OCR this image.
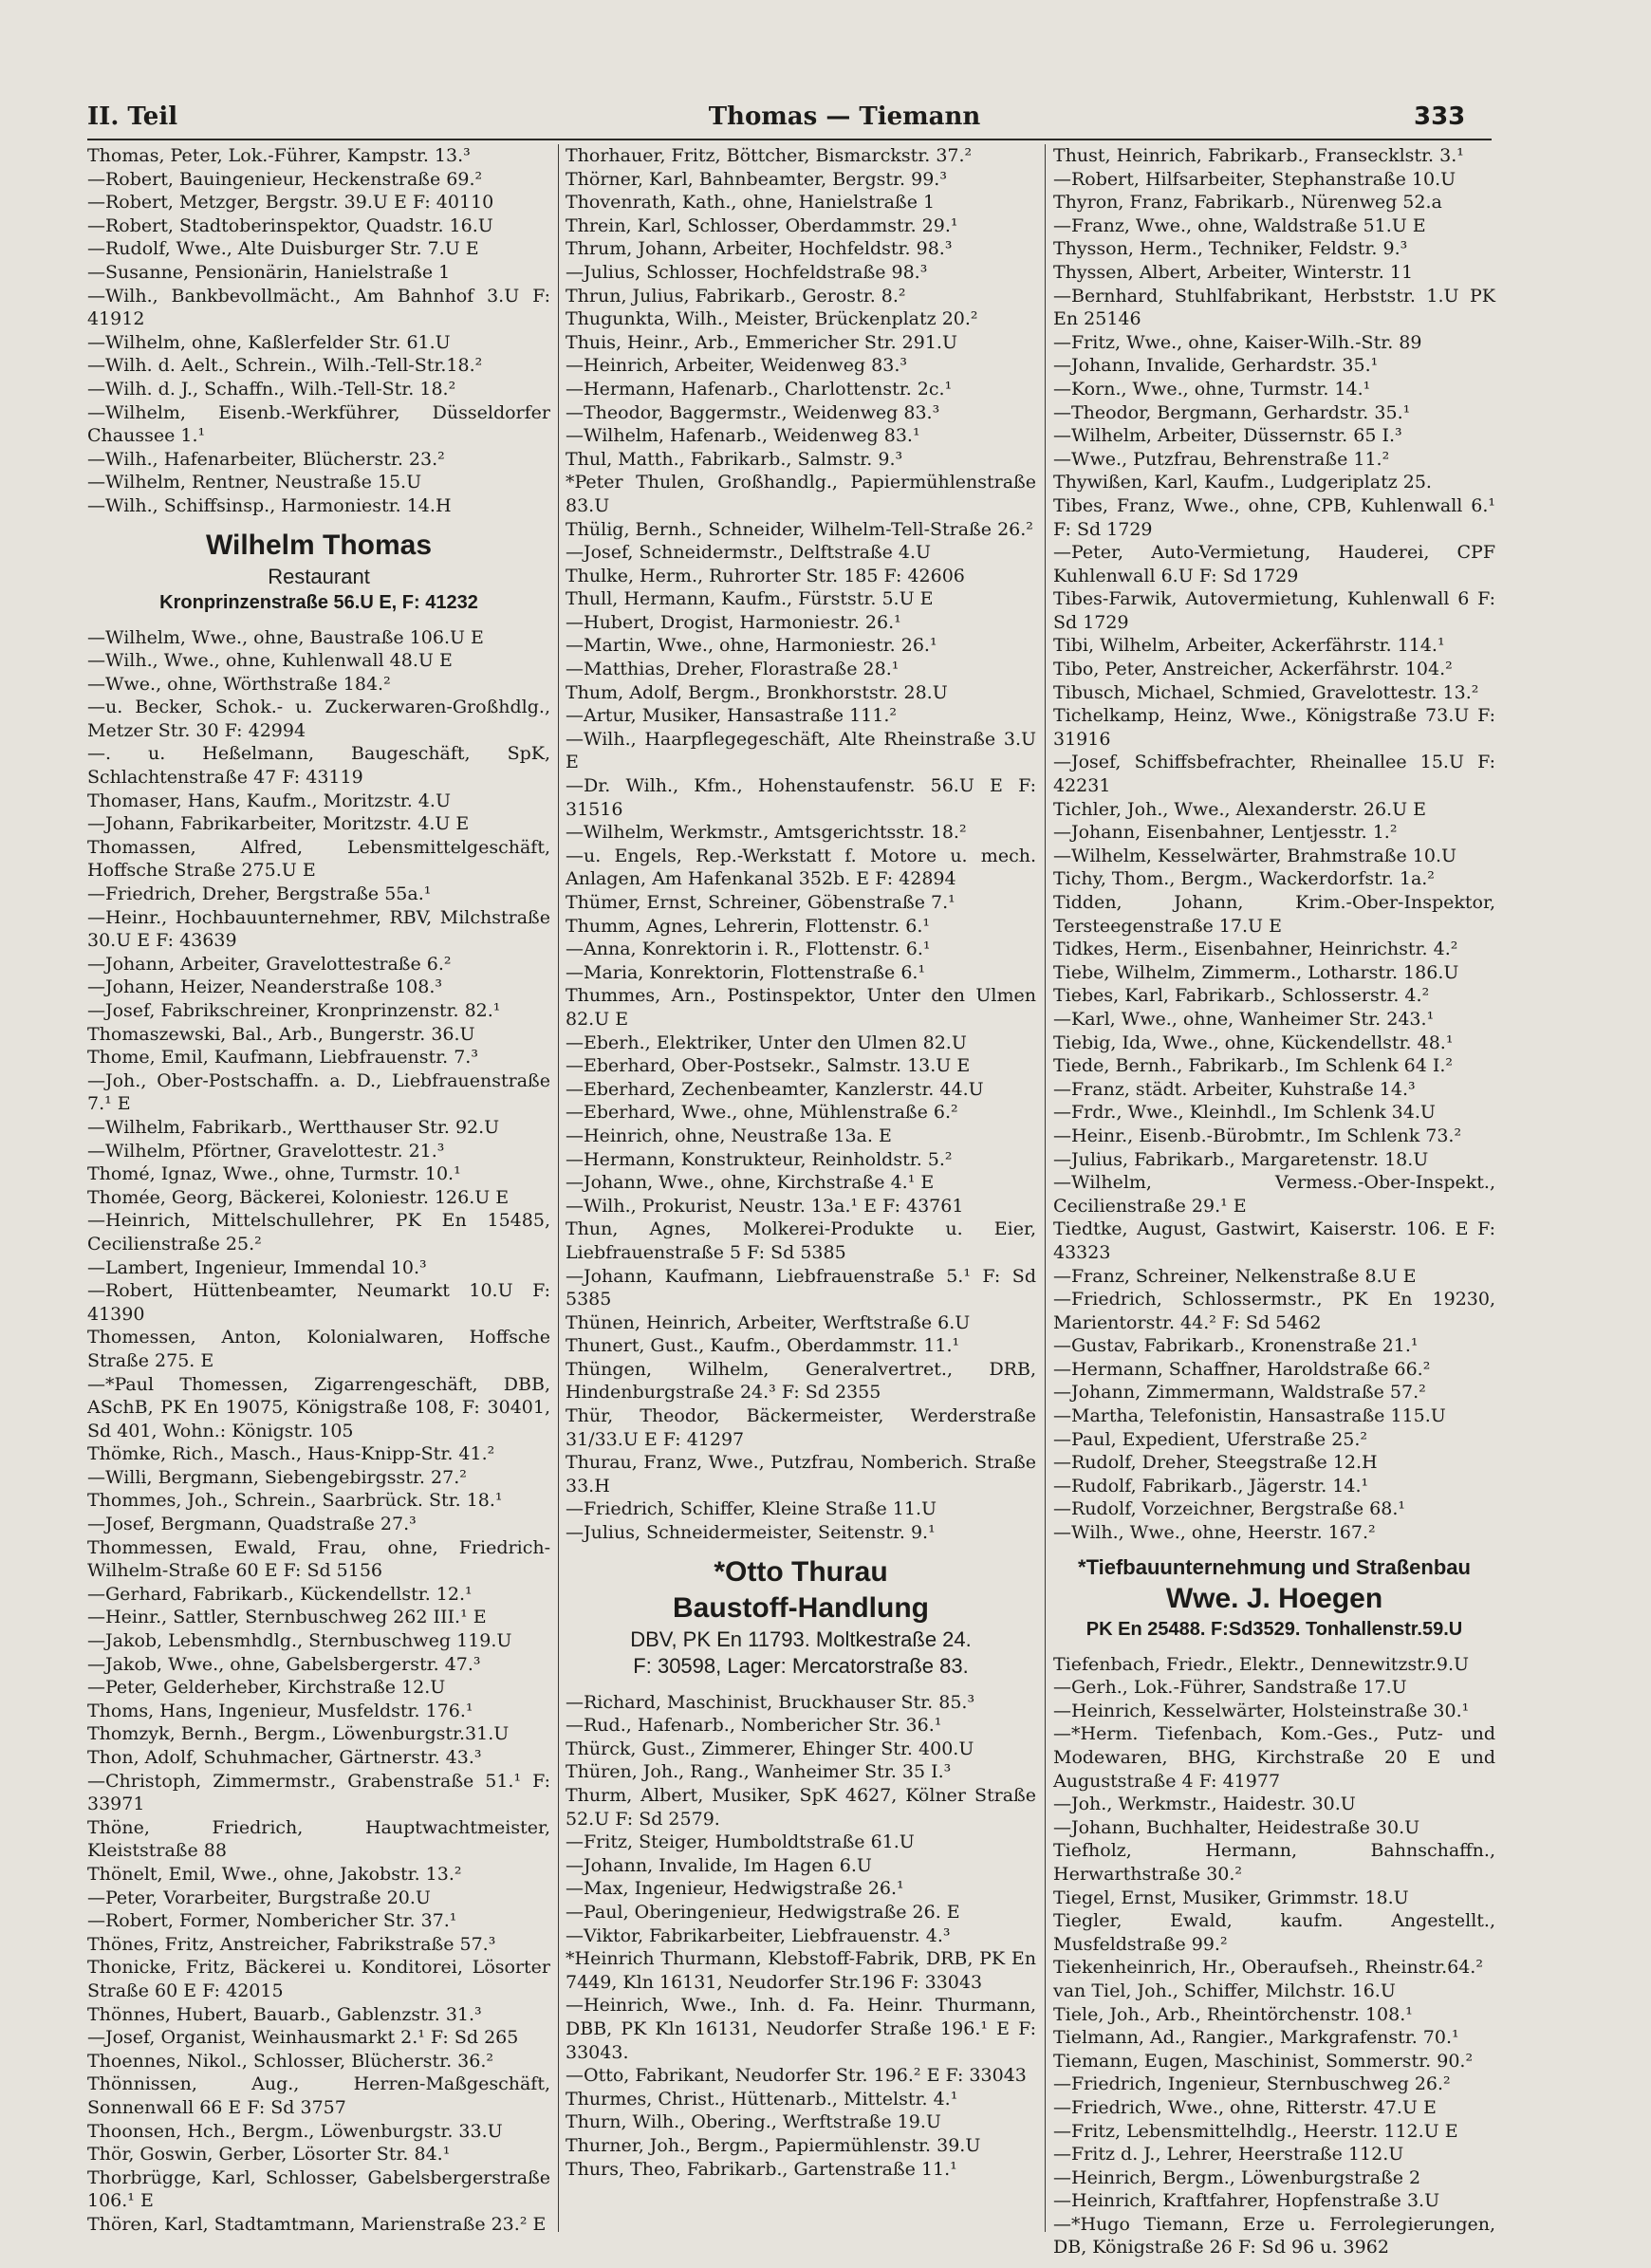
II. Teil	Thomas — Tiemann	333

Thomas, Peter, Lok.-Führer, Kampstr. 13.³

—Robert, Bauingenieur, Heckenstraße 69.²

—Robert, Metzger, Bergstr. 39.U E F: 40110

—Robert, Stadtoberinspektor, Quadstr. 16.U

—Rudolf, Wwe., Alte Duisburger Str. 7.U E

—Susanne, Pensionärin, Hanielstraße 1

—Wilh., Bankbevollmächt., Am Bahnhof 3.U F: 41912

—Wilhelm, ohne, Kaßlerfelder Str. 61.U

—Wilh. d. Aelt., Schrein., Wilh.-Tell-Str.18.²

—Wilh. d. J., Schaffn., Wilh.-Tell-Str. 18.²

—Wilhelm, Eisenb.-Werkführer, Düsseldorfer Chaussee 1.¹

—Wilh., Hafenarbeiter, Blücherstr. 23.²

—Wilhelm, Rentner, Neustraße 15.U

—Wilh., Schiffsinsp., Harmoniestr. 14.H

Wilhelm Thomas
Restaurant
Kronprinzenstraße 56.U E, F: 41232

—Wilhelm, Wwe., ohne, Baustraße 106.U E

—Wilh., Wwe., ohne, Kuhlenwall 48.U E

—Wwe., ohne, Wörthstraße 184.²

—u. Becker, Schok.- u. Zuckerwaren-Großhdlg., Metzer Str. 30 F: 42994

—. u. Heßelmann, Baugeschäft, SpK, Schlachtenstraße 47 F: 43119

Thomaser, Hans, Kaufm., Moritzstr. 4.U

—Johann, Fabrikarbeiter, Moritzstr. 4.U E

Thomassen, Alfred, Lebensmittelgeschäft, Hoffsche Straße 275.U E

—Friedrich, Dreher, Bergstraße 55a.¹

—Heinr., Hochbauunternehmer, RBV, Milchstraße 30.U E F: 43639

—Johann, Arbeiter, Gravelottestraße 6.²

—Johann, Heizer, Neanderstraße 108.³

—Josef, Fabrikschreiner, Kronprinzenstr. 82.¹

Thomaszewski, Bal., Arb., Bungerstr. 36.U

Thome, Emil, Kaufmann, Liebfrauenstr. 7.³

—Joh., Ober-Postschaffn. a. D., Liebfrauenstraße 7.¹ E

—Wilhelm, Fabrikarb., Wertthauser Str. 92.U

—Wilhelm, Pförtner, Gravelottestr. 21.³

Thomé, Ignaz, Wwe., ohne, Turmstr. 10.¹

Thomée, Georg, Bäckerei, Koloniestr. 126.U E

—Heinrich, Mittelschullehrer, PK En 15485, Cecilienstraße 25.²

—Lambert, Ingenieur, Immendal 10.³

—Robert, Hüttenbeamter, Neumarkt 10.U F: 41390

Thomessen, Anton, Kolonialwaren, Hoffsche Straße 275. E

—*Paul Thomessen, Zigarrengeschäft, DBB, ASchB, PK En 19075, Königstraße 108, F: 30401, Sd 401, Wohn.: Königstr. 105

Thömke, Rich., Masch., Haus-Knipp-Str. 41.²

—Willi, Bergmann, Siebengebirgsstr. 27.²

Thommes, Joh., Schrein., Saarbrück. Str. 18.¹

—Josef, Bergmann, Quadstraße 27.³

Thommessen, Ewald, Frau, ohne, Friedrich-Wilhelm-Straße 60 E F: Sd 5156

—Gerhard, Fabrikarb., Kückendellstr. 12.¹

—Heinr., Sattler, Sternbuschweg 262 III.¹ E

—Jakob, Lebensmhdlg., Sternbuschweg 119.U

—Jakob, Wwe., ohne, Gabelsbergerstr. 47.³

—Peter, Gelderheber, Kirchstraße 12.U

Thoms, Hans, Ingenieur, Musfeldstr. 176.¹

Thomzyk, Bernh., Bergm., Löwenburgstr.31.U

Thon, Adolf, Schuhmacher, Gärtnerstr. 43.³

—Christoph, Zimmermstr., Grabenstraße 51.¹ F: 33971

Thöne, Friedrich, Hauptwachtmeister, Kleiststraße 88

Thönelt, Emil, Wwe., ohne, Jakobstr. 13.²

—Peter, Vorarbeiter, Burgstraße 20.U

—Robert, Former, Nombericher Str. 37.¹

Thönes, Fritz, Anstreicher, Fabrikstraße 57.³

Thonicke, Fritz, Bäckerei u. Konditorei, Lösorter Straße 60 E F: 42015

Thönnes, Hubert, Bauarb., Gablenzstr. 31.³

—Josef, Organist, Weinhausmarkt 2.¹ F: Sd 265

Thoennes, Nikol., Schlosser, Blücherstr. 36.²

Thönnissen, Aug., Herren-Maßgeschäft, Sonnenwall 66 E F: Sd 3757

Thoonsen, Hch., Bergm., Löwenburgstr. 33.U

Thör, Goswin, Gerber, Lösorter Str. 84.¹

Thorbrügge, Karl, Schlosser, Gabelsbergerstraße 106.¹ E

Thören, Karl, Stadtamtmann, Marienstraße 23.² E

Thorhauer, Fritz, Böttcher, Bismarckstr. 37.²

Thörner, Karl, Bahnbeamter, Bergstr. 99.³

Thovenrath, Kath., ohne, Hanielstraße 1

Threin, Karl, Schlosser, Oberdammstr. 29.¹

Thrum, Johann, Arbeiter, Hochfeldstr. 98.³

—Julius, Schlosser, Hochfeldstraße 98.³

Thrun, Julius, Fabrikarb., Gerostr. 8.²

Thugunkta, Wilh., Meister, Brückenplatz 20.²

Thuis, Heinr., Arb., Emmericher Str. 291.U

—Heinrich, Arbeiter, Weidenweg 83.³

—Hermann, Hafenarb., Charlottenstr. 2c.¹

—Theodor, Baggermstr., Weidenweg 83.³

—Wilhelm, Hafenarb., Weidenweg 83.¹

Thul, Matth., Fabrikarb., Salmstr. 9.³

*Peter Thulen, Großhandlg., Papiermühlenstraße 83.U

Thülig, Bernh., Schneider, Wilhelm-Tell-Straße 26.²

—Josef, Schneidermstr., Delftstraße 4.U

Thulke, Herm., Ruhrorter Str. 185 F: 42606

Thull, Hermann, Kaufm., Fürststr. 5.U E

—Hubert, Drogist, Harmoniestr. 26.¹

—Martin, Wwe., ohne, Harmoniestr. 26.¹

—Matthias, Dreher, Florastraße 28.¹

Thum, Adolf, Bergm., Bronkhorststr. 28.U

—Artur, Musiker, Hansastraße 111.²

—Wilh., Haarpflegegeschäft, Alte Rheinstraße 3.U E

—Dr. Wilh., Kfm., Hohenstaufenstr. 56.U E F: 31516

—Wilhelm, Werkmstr., Amtsgerichtsstr. 18.²

—u. Engels, Rep.-Werkstatt f. Motore u. mech. Anlagen, Am Hafenkanal 352b. E F: 42894

Thümer, Ernst, Schreiner, Göbenstraße 7.¹

Thumm, Agnes, Lehrerin, Flottenstr. 6.¹

—Anna, Konrektorin i. R., Flottenstr. 6.¹

—Maria, Konrektorin, Flottenstraße 6.¹

Thummes, Arn., Postinspektor, Unter den Ulmen 82.U E

—Eberh., Elektriker, Unter den Ulmen 82.U

—Eberhard, Ober-Postsekr., Salmstr. 13.U E

—Eberhard, Zechenbeamter, Kanzlerstr. 44.U

—Eberhard, Wwe., ohne, Mühlenstraße 6.²

—Heinrich, ohne, Neustraße 13a. E

—Hermann, Konstrukteur, Reinholdstr. 5.²

—Johann, Wwe., ohne, Kirchstraße 4.¹ E

—Wilh., Prokurist, Neustr. 13a.¹ E F: 43761

Thun, Agnes, Molkerei-Produkte u. Eier, Liebfrauenstraße 5 F: Sd 5385

—Johann, Kaufmann, Liebfrauenstraße 5.¹ F: Sd 5385

Thünen, Heinrich, Arbeiter, Werftstraße 6.U

Thunert, Gust., Kaufm., Oberdammstr. 11.¹

Thüngen, Wilhelm, Generalvertret., DRB, Hindenburgstraße 24.³ F: Sd 2355

Thür, Theodor, Bäckermeister, Werderstraße 31/33.U E F: 41297

Thurau, Franz, Wwe., Putzfrau, Nomberich. Straße 33.H

—Friedrich, Schiffer, Kleine Straße 11.U

—Julius, Schneidermeister, Seitenstr. 9.¹

*Otto Thurau
Baustoff-Handlung
DBV, PK En 11793. Moltkestraße 24.
F: 30598, Lager: Mercatorstraße 83.

—Richard, Maschinist, Bruckhauser Str. 85.³

—Rud., Hafenarb., Nombericher Str. 36.¹

Thürck, Gust., Zimmerer, Ehinger Str. 400.U

Thüren, Joh., Rang., Wanheimer Str. 35 I.³

Thurm, Albert, Musiker, SpK 4627, Kölner Straße 52.U F: Sd 2579.

—Fritz, Steiger, Humboldtstraße 61.U

—Johann, Invalide, Im Hagen 6.U

—Max, Ingenieur, Hedwigstraße 26.¹

—Paul, Oberingenieur, Hedwigstraße 26. E

—Viktor, Fabrikarbeiter, Liebfrauenstr. 4.³

*Heinrich Thurmann, Klebstoff-Fabrik, DRB, PK En 7449, Kln 16131, Neudorfer Str.196 F: 33043

—Heinrich, Wwe., Inh. d. Fa. Heinr. Thurmann, DBB, PK Kln 16131, Neudorfer Straße 196.¹ E F: 33043.

—Otto, Fabrikant, Neudorfer Str. 196.² E F: 33043

Thurmes, Christ., Hüttenarb., Mittelstr. 4.¹

Thurn, Wilh., Obering., Werftstraße 19.U

Thurner, Joh., Bergm., Papiermühlenstr. 39.U

Thurs, Theo, Fabrikarb., Gartenstraße 11.¹

Thust, Heinrich, Fabrikarb., Fransecklstr. 3.¹

—Robert, Hilfsarbeiter, Stephanstraße 10.U

Thyron, Franz, Fabrikarb., Nürenweg 52.a

—Franz, Wwe., ohne, Waldstraße 51.U E

Thysson, Herm., Techniker, Feldstr. 9.³

Thyssen, Albert, Arbeiter, Winterstr. 11

—Bernhard, Stuhlfabrikant, Herbststr. 1.U PK En 25146

—Fritz, Wwe., ohne, Kaiser-Wilh.-Str. 89

—Johann, Invalide, Gerhardstr. 35.¹

—Korn., Wwe., ohne, Turmstr. 14.¹

—Theodor, Bergmann, Gerhardstr. 35.¹

—Wilhelm, Arbeiter, Düssernstr. 65 I.³

—Wwe., Putzfrau, Behrenstraße 11.²

Thywißen, Karl, Kaufm., Ludgeriplatz 25.

Tibes, Franz, Wwe., ohne, CPB, Kuhlenwall 6.¹ F: Sd 1729

—Peter, Auto-Vermietung, Hauderei, CPF Kuhlenwall 6.U F: Sd 1729

Tibes-Farwik, Autovermietung, Kuhlenwall 6 F: Sd 1729

Tibi, Wilhelm, Arbeiter, Ackerfährstr. 114.¹

Tibo, Peter, Anstreicher, Ackerfährstr. 104.²

Tibusch, Michael, Schmied, Gravelottestr. 13.²

Tichelkamp, Heinz, Wwe., Königstraße 73.U F: 31916

—Josef, Schiffsbefrachter, Rheinallee 15.U F: 42231

Tichler, Joh., Wwe., Alexanderstr. 26.U E

—Johann, Eisenbahner, Lentjesstr. 1.²

—Wilhelm, Kesselwärter, Brahmstraße 10.U

Tichy, Thom., Bergm., Wackerdorfstr. 1a.²

Tidden, Johann, Krim.-Ober-Inspektor, Tersteegenstraße 17.U E

Tidkes, Herm., Eisenbahner, Heinrichstr. 4.²

Tiebe, Wilhelm, Zimmerm., Lotharstr. 186.U

Tiebes, Karl, Fabrikarb., Schlosserstr. 4.²

—Karl, Wwe., ohne, Wanheimer Str. 243.¹

Tiebig, Ida, Wwe., ohne, Kückendellstr. 48.¹

Tiede, Bernh., Fabrikarb., Im Schlenk 64 I.²

—Franz, städt. Arbeiter, Kuhstraße 14.³

—Frdr., Wwe., Kleinhdl., Im Schlenk 34.U

—Heinr., Eisenb.-Bürobmtr., Im Schlenk 73.²

—Julius, Fabrikarb., Margaretenstr. 18.U

—Wilhelm, Vermess.-Ober-Inspekt., Cecilienstraße 29.¹ E

Tiedtke, August, Gastwirt, Kaiserstr. 106. E F: 43323

—Franz, Schreiner, Nelkenstraße 8.U E

—Friedrich, Schlossermstr., PK En 19230, Marientorstr. 44.² F: Sd 5462

—Gustav, Fabrikarb., Kronenstraße 21.¹

—Hermann, Schaffner, Haroldstraße 66.²

—Johann, Zimmermann, Waldstraße 57.²

—Martha, Telefonistin, Hansastraße 115.U

—Paul, Expedient, Uferstraße 25.²

—Rudolf, Dreher, Steegstraße 12.H

—Rudolf, Fabrikarb., Jägerstr. 14.¹

—Rudolf, Vorzeichner, Bergstraße 68.¹

—Wilh., Wwe., ohne, Heerstr. 167.²

*Tiefbauunternehmung und Straßenbau
Wwe. J. Hoegen
PK En 25488. F:Sd3529. Tonhallenstr.59.U

Tiefenbach, Friedr., Elektr., Dennewitzstr.9.U

—Gerh., Lok.-Führer, Sandstraße 17.U

—Heinrich, Kesselwärter, Holsteinstraße 30.¹

—*Herm. Tiefenbach, Kom.-Ges., Putz- und Modewaren, BHG, Kirchstraße 20 E und Auguststraße 4 F: 41977

—Joh., Werkmstr., Haidestr. 30.U

—Johann, Buchhalter, Heidestraße 30.U

Tiefholz, Hermann, Bahnschaffn., Herwarthstraße 30.²

Tiegel, Ernst, Musiker, Grimmstr. 18.U

Tiegler, Ewald, kaufm. Angestellt., Musfeldstraße 99.²

Tiekenheinrich, Hr., Oberaufseh., Rheinstr.64.²

van Tiel, Joh., Schiffer, Milchstr. 16.U

Tiele, Joh., Arb., Rheintörchenstr. 108.¹

Tielmann, Ad., Rangier., Markgrafenstr. 70.¹

Tiemann, Eugen, Maschinist, Sommerstr. 90.²

—Friedrich, Ingenieur, Sternbuschweg 26.²

—Friedrich, Wwe., ohne, Ritterstr. 47.U E

—Fritz, Lebensmittelhdlg., Heerstr. 112.U E

—Fritz d. J., Lehrer, Heerstraße 112.U

—Heinrich, Bergm., Löwenburgstraße 2

—Heinrich, Kraftfahrer, Hopfenstraße 3.U

—*Hugo Tiemann, Erze u. Ferrolegierungen, DB, Königstraße 26 F: Sd 96 u. 3962
